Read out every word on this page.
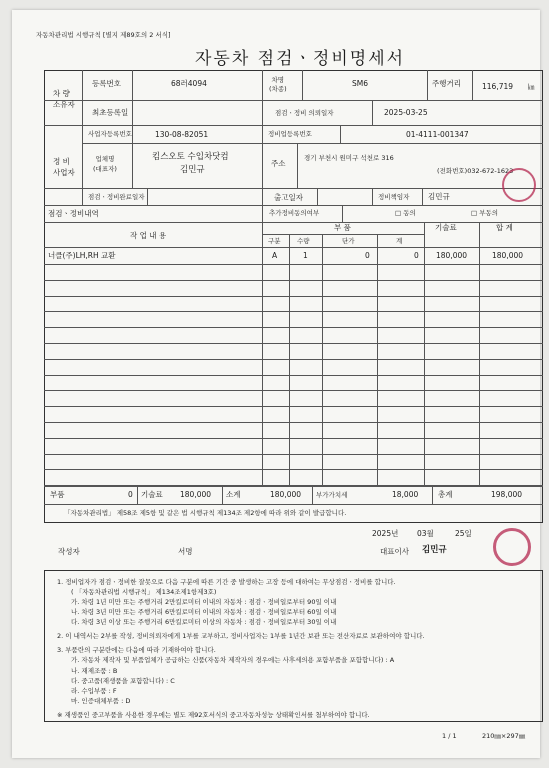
자동차관리법 시행규칙 [별지 제89호의 2 서식]
자동차 점검ㆍ정비명세서
차 량
소유자
등록번호	68러4094	차명
(차종)
SM6	주행거리	116,719 ㎞
최초등록일	점검ㆍ정비 의뢰일자	2025-03-25
정 비
사업자
사업자등록번호	130-08-82051	정비업등록번호	01-4111-001347
업체명
(대표자)
킴스오토 수입차닷컴
김민규
주소
경기 부천시 원미구 석천로 316
(전화번호)032-672-1623
점검ㆍ정비완료일자	출고일자	정비책임자 김민규
점검ㆍ정비내역	추가정비동의여부	□ 동의	□ 부동의
작 업 내 용
부 품
구분	수량	단가	계
기술료	합 계
너클(주)LH,RH 교환	A	1	0	0 180,000	180,000
부품	0 기술료 180,000 소계	180,000 부가가치세	18,000	총계	198,000
「자동차관리법」 제58조 제5항 및 같은 법 시행규칙 제134조 제2항에 따라 위와 같이 발급합니다.
2025년 03월	25일
작성자	서명	대표이사 김민규
1. 정비업자가 점검ㆍ정비한 잘못으로 다음 구분에 따른 기간 중 발생하는 고장 등에 대하여는 무상점검ㆍ정비를 합니다.
( 「자동차관리법 시행규칙」 제134조제1항제3호)
가. 차령 1년 미만 또는 주행거리 2만킬로미터 이내의 자동차 : 점검ㆍ정비일로부터 90일 이내
나. 차령 3년 미만 또는 주행거리 6만킬로미터 이내의 자동차 : 점검ㆍ정비일로부터 60일 이내
다. 차령 3년 이상 또는 주행거리 6만킬로미터 이상의 자동차 : 점검ㆍ정비일로부터 30일 이내
2. 이 내역서는 2부를 작성, 정비의뢰자에게 1부를 교부하고, 정비사업자는 1부를 1년간 보관 또는 전산자료로 보관하여야 합니다.
3. 부품란의 구분란에는 다음에 따라 기재하여야 합니다.
가. 자동차 제작자 및 부품업체가 공급하는 신품(자동차 제작자의 경우에는 사후세의용 포함부품을 포함합니다) : A
나. 재제조품 : B
다. 중고품(재생품을 포함합니다) : C
라. 수입부품 : F
마. 인증대체부품 : D
※ 재생품인 중고부품을 사용한 경우에는 별도 제92호서식의 중고자동차성능 상태확인서를 첨부하여야 합니다.
1 / 1	210㎜×297㎜
